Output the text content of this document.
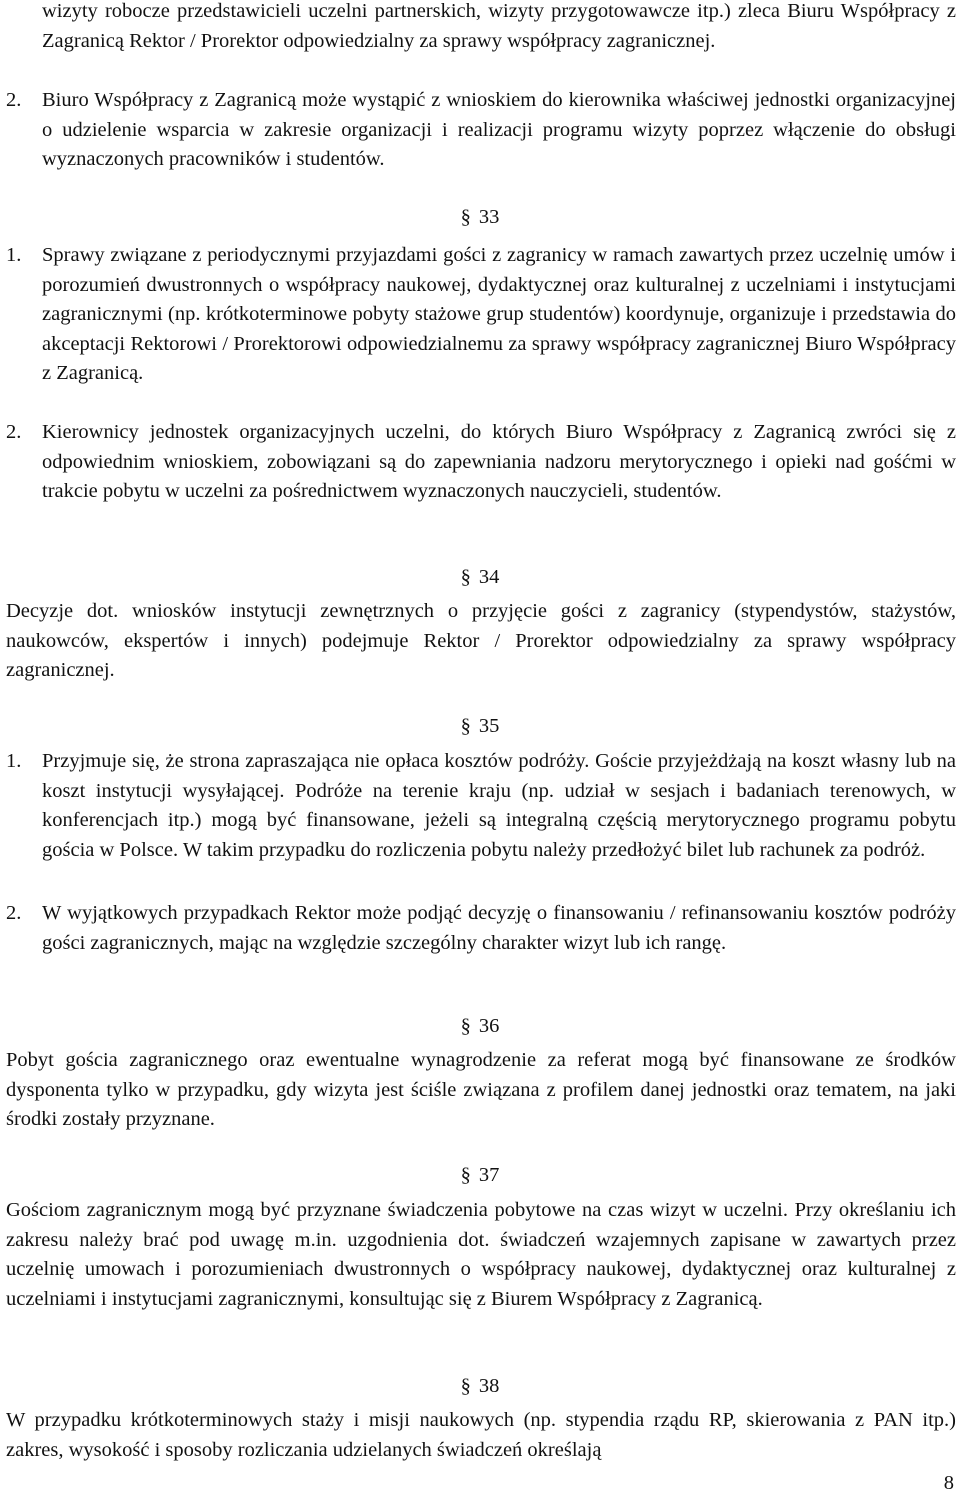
wizyty robocze przedstawicieli uczelni partnerskich, wizyty przygotowawcze itp.) zleca Biuru Współpracy z Zagranicą Rektor / Prorektor odpowiedzialny za sprawy współpracy zagranicznej.

2.	Biuro Współpracy z Zagranicą może wystąpić z wnioskiem do kierownika właściwej jednostki organizacyjnej o udzielenie wsparcia w zakresie organizacji i realizacji programu wizyty poprzez włączenie do obsługi wyznaczonych pracowników i studentów.
§ 33
1.	Sprawy związane z periodycznymi przyjazdami gości z zagranicy w ramach zawartych przez uczelnię umów i porozumień dwustronnych o współpracy naukowej, dydaktycznej oraz kulturalnej z uczelniami i instytucjami zagranicznymi (np. krótkoterminowe pobyty stażowe grup studentów) koordynuje, organizuje i przedstawia do akceptacji Rektorowi / Prorektorowi odpowiedzialnemu za sprawy współpracy zagranicznej Biuro Współpracy z Zagranicą.
2.	Kierownicy jednostek organizacyjnych uczelni, do których Biuro Współpracy z Zagranicą zwróci się z odpowiednim wnioskiem, zobowiązani są do zapewniania nadzoru merytorycznego i opieki nad gośćmi w trakcie pobytu w uczelni za pośrednictwem wyznaczonych nauczycieli, studentów.
§ 34

Decyzje dot. wniosków instytucji zewnętrznych o przyjęcie gości z zagranicy (stypendystów, stażystów, naukowców, ekspertów i innych) podejmuje Rektor / Prorektor odpowiedzialny za sprawy współpracy zagranicznej.

§ 35
1.	Przyjmuje się, że strona zapraszająca nie opłaca kosztów podróży. Goście przyjeżdżają na koszt własny lub na koszt instytucji wysyłającej. Podróże na terenie kraju (np. udział w sesjach i badaniach terenowych, w konferencjach itp.) mogą być finansowane, jeżeli są integralną częścią merytorycznego programu pobytu gościa w Polsce. W takim przypadku do rozliczenia pobytu należy przedłożyć bilet lub rachunek za podróż.
2.	W wyjątkowych przypadkach Rektor może podjąć decyzję o finansowaniu / refinansowaniu kosztów podróży gości zagranicznych, mając na względzie szczególny charakter wizyt lub ich rangę.
§ 36

Pobyt gościa zagranicznego oraz ewentualne wynagrodzenie za referat mogą być finansowane ze środków dysponenta tylko w przypadku, gdy wizyta jest ściśle związana z profilem danej jednostki oraz tematem, na jaki środki zostały przyznane.

§ 37

Gościom zagranicznym mogą być przyznane świadczenia pobytowe na czas wizyt w uczelni. Przy określaniu ich zakresu należy brać pod uwagę m.in. uzgodnienia dot. świadczeń wzajemnych zapisane w zawartych przez uczelnię umowach i porozumieniach dwustronnych o współpracy naukowej, dydaktycznej oraz kulturalnej z uczelniami i instytucjami zagranicznymi, konsultując się z Biurem Współpracy z Zagranicą.

§ 38

W przypadku krótkoterminowych staży i misji naukowych (np. stypendia rządu RP, skierowania z PAN itp.) zakres, wysokość i sposoby rozliczania udzielanych świadczeń określają

8
